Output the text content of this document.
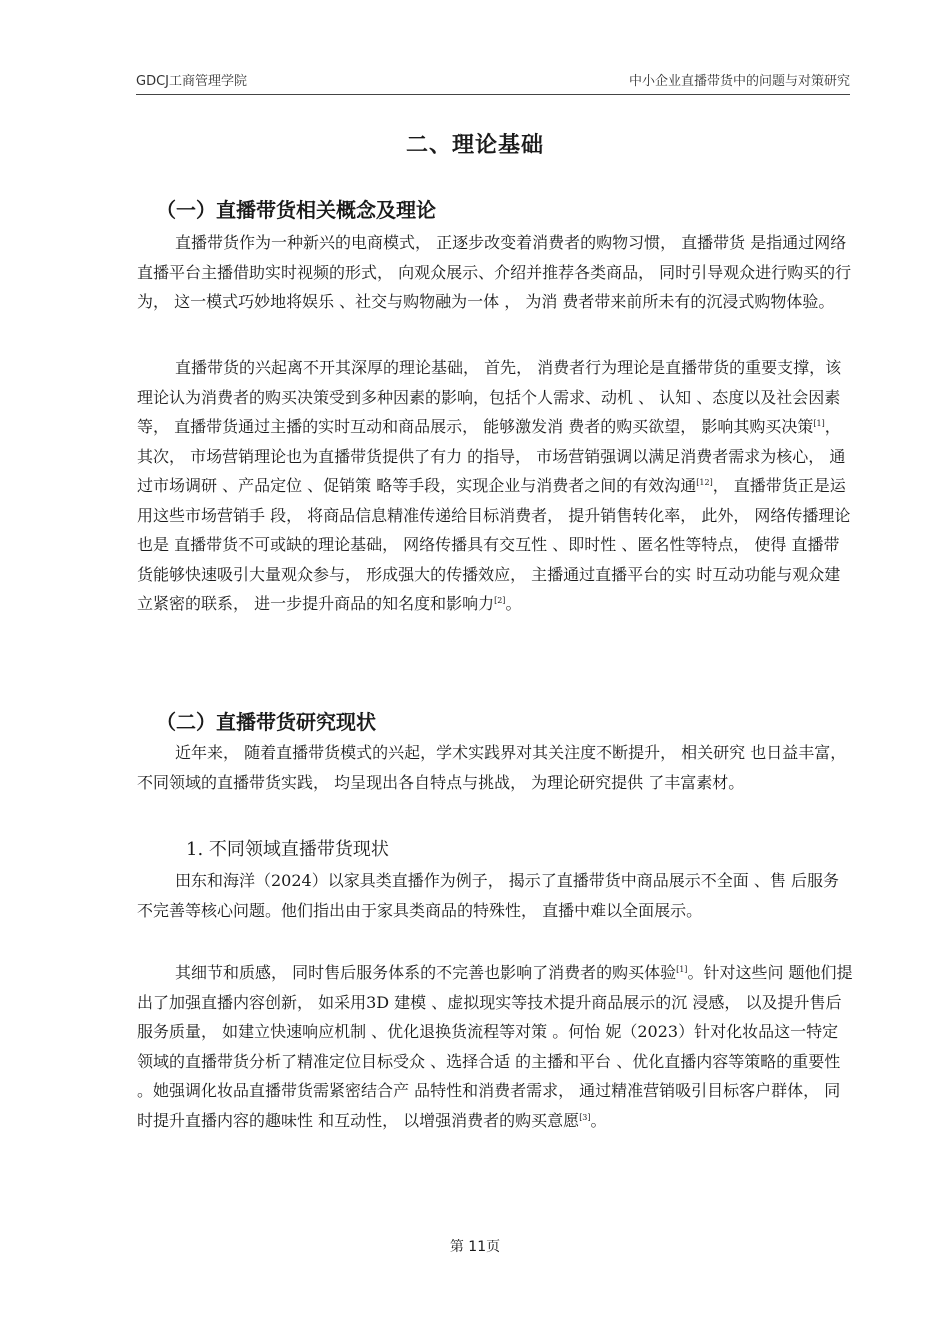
GDCJ工商管理学院	中小企业直播带货中的问题与对策研究
二、理论基础
（一）直播带货相关概念及理论

直播带货作为一种新兴的电商模式， 正逐步改变着消费者的购物习惯， 直播带货 是指通过网络直播平台主播借助实时视频的形式， 向观众展示、介绍并推荐各类商品， 同时引导观众进行购买的行为， 这一模式巧妙地将娱乐 、社交与购物融为一体 ， 为消 费者带来前所未有的沉浸式购物体验。

直播带货的兴起离不开其深厚的理论基础， 首先， 消费者行为理论是直播带货的重要支撑，该理论认为消费者的购买决策受到多种因素的影响，包括个人需求、动机 、 认知 、态度以及社会因素等， 直播带货通过主播的实时互动和商品展示， 能够激发消 费者的购买欲望， 影响其购买决策[1]， 其次， 市场营销理论也为直播带货提供了有力 的指导， 市场营销强调以满足消费者需求为核心， 通过市场调研 、产品定位 、促销策 略等手段，实现企业与消费者之间的有效沟通[12]， 直播带货正是运用这些市场营销手 段， 将商品信息精准传递给目标消费者， 提升销售转化率， 此外， 网络传播理论也是 直播带货不可或缺的理论基础， 网络传播具有交互性 、即时性 、匿名性等特点， 使得 直播带货能够快速吸引大量观众参与， 形成强大的传播效应， 主播通过直播平台的实 时互动功能与观众建立紧密的联系， 进一步提升商品的知名度和影响力[2]。

（二）直播带货研究现状

近年来， 随着直播带货模式的兴起，学术实践界对其关注度不断提升， 相关研究 也日益丰富， 不同领域的直播带货实践， 均呈现出各自特点与挑战， 为理论研究提供 了丰富素材。

1. 不同领域直播带货现状

田东和海洋（2024）以家具类直播作为例子， 揭示了直播带货中商品展示不全面 、售 后服务不完善等核心问题。他们指出由于家具类商品的特殊性， 直播中难以全面展示。

其细节和质感， 同时售后服务体系的不完善也影响了消费者的购买体验[1]。针对这些问 题他们提出了加强直播内容创新， 如采用3D 建模 、虚拟现实等技术提升商品展示的沉 浸感， 以及提升售后服务质量， 如建立快速响应机制 、优化退换货流程等对策 。何怡 妮（2023）针对化妆品这一特定领域的直播带货分析了精准定位目标受众 、选择合适 的主播和平台 、优化直播内容等策略的重要性 。她强调化妆品直播带货需紧密结合产 品特性和消费者需求， 通过精准营销吸引目标客户群体， 同时提升直播内容的趣味性 和互动性， 以增强消费者的购买意愿[3]。

第 11页
